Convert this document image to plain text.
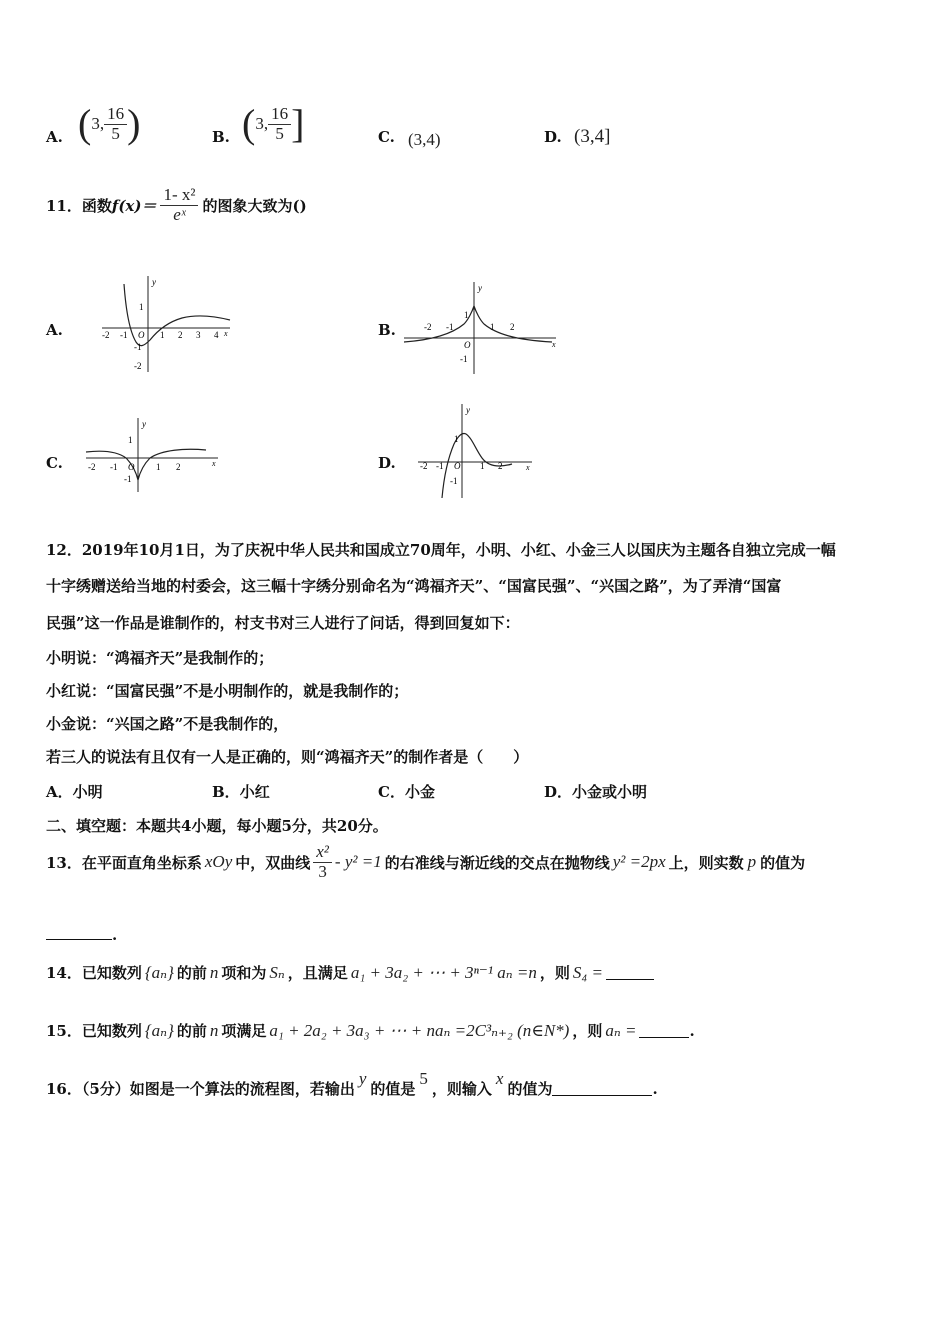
A. ( 3, $\frac{16}{5}$ )	B. ( 3, $\frac{16}{5}$ ]	C. (3,4)	D. (3,4]
11．函数 $f(x)= \frac{\text{1- x²}}{\text{eˣ}}$ 的图象大致为()
A.	B.
C.	D.
y
x
-2 -1 O 1 2 3 4
1
-1
-2
y
x
-2 -1
O
1 2
1
-1
y
x
-2 -1 O 1 2
1
-1
y
x
-2 -1 O 1 2
1
-1
12．2019年10月1日，为了庆祝中华人民共和国成立70周年，小明、小红、小金三人以国庆为主题各自独立完成一幅
十字绣赠送给当地的村委会，这三幅十字绣分别命名为“鸿福齐天”、“国富民强”、“兴国之路”，为了弄清“国富
民强”这一作品是谁制作的，村支书对三人进行了问话，得到回复如下：
小明说：“鸿福齐天”是我制作的；
小红说：“国富民强”不是小明制作的，就是我制作的；
小金说：“兴国之路”不是我制作的，
若三人的说法有且仅有一人是正确的，则“鸿福齐天”的制作者是（　　）
A．小明	B．小红	C．小金	D．小金或小明
二、填空题：本题共4小题，每小题5分，共20分。
13．在平面直角坐标系 xOy 中，双曲线 $\frac{\text{x²}}{3} - y^2 =1$ 的右准线与渐近线的交点在抛物线 y² =2px 上，则实数 p 的值为
.
14．已知数列 {aₙ} 的前 n 项和为 Sₙ ，且满足 a₁ + 3a₂ + ⋯ + 3ⁿ⁻¹ aₙ =n ，则 S₄ =
15．已知数列 {aₙ} 的前 n 项满足 a₁ + 2a₂ + 3a₃ + ⋯ + naₙ =2C³ₙ₊₂ (n∈N*) ，则 aₙ =	.
16．（5分）如图是一个算法的流程图，若输出
y
的值是
5
，则输入
x
的值为	.
